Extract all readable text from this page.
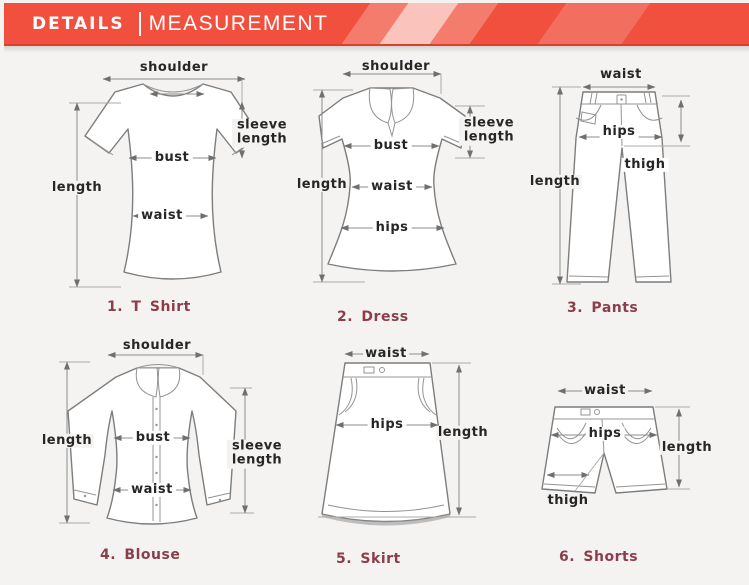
DETAILS MEASUREMENT
shoulder
sleeve length
bust
length
waist
1. T Shirt
shoulder
sleeve length
bust
length waist
hips
2. Dress
waist
hips
thigh
length
3. Pants
shoulder
length	bust
waist
sleeve length
4. Blouse
waist
hips
length
5. Skirt
waist
hips
length
thigh
6. Shorts
